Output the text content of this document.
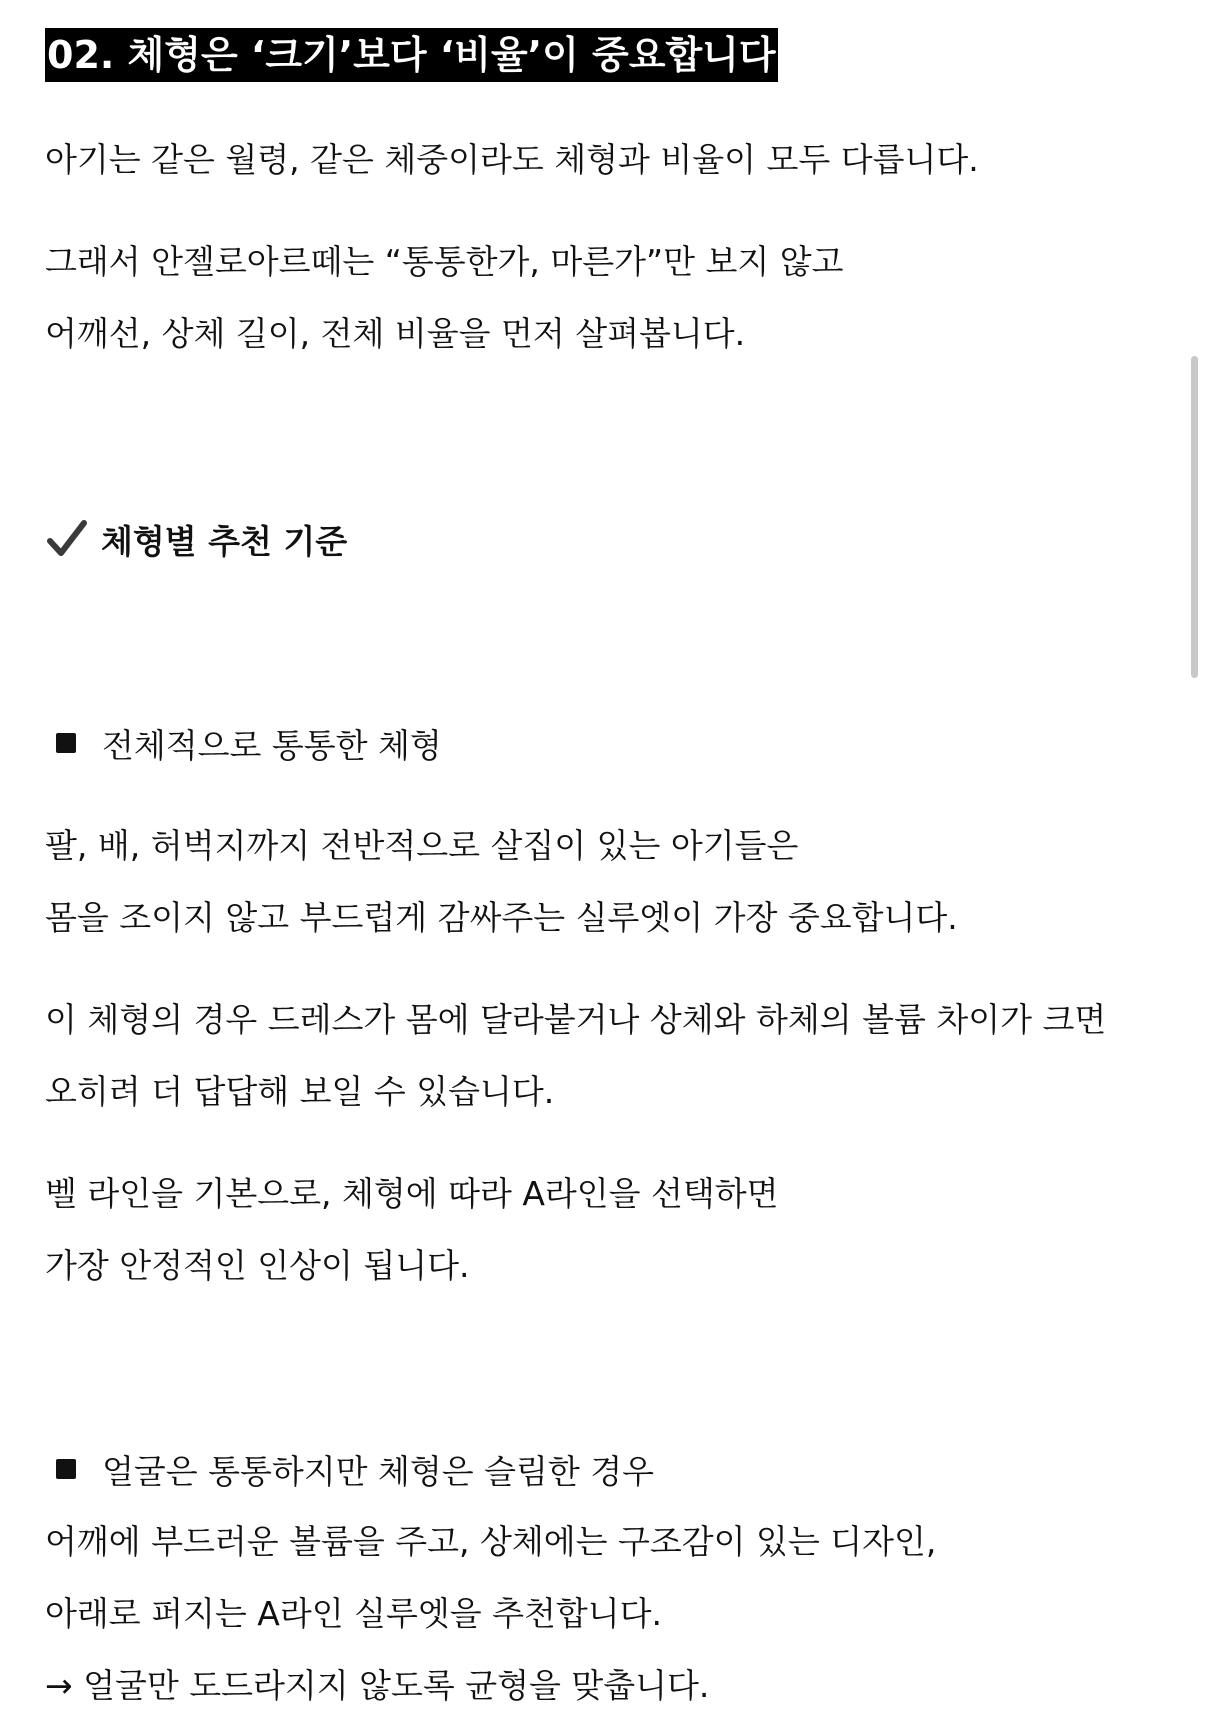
02. 체형은 ‘크기’보다 ‘비율’이 중요합니다
아기는 같은 월령, 같은 체중이라도 체형과 비율이 모두 다릅니다.
그래서 안젤로아르떼는 “통통한가, 마른가”만 보지 않고
어깨선, 상체 길이, 전체 비율을 먼저 살펴봅니다.
체형별 추천 기준
전체적으로 통통한 체형
팔, 배, 허벅지까지 전반적으로 살집이 있는 아기들은
몸을 조이지 않고 부드럽게 감싸주는 실루엣이 가장 중요합니다.
이 체형의 경우 드레스가 몸에 달라붙거나 상체와 하체의 볼륨 차이가 크면
오히려 더 답답해 보일 수 있습니다.
벨 라인을 기본으로, 체형에 따라 A라인을 선택하면
가장 안정적인 인상이 됩니다.
얼굴은 통통하지만 체형은 슬림한 경우
어깨에 부드러운 볼륨을 주고, 상체에는 구조감이 있는 디자인,
아래로 퍼지는 A라인 실루엣을 추천합니다.
→ 얼굴만 도드라지지 않도록 균형을 맞춥니다.
